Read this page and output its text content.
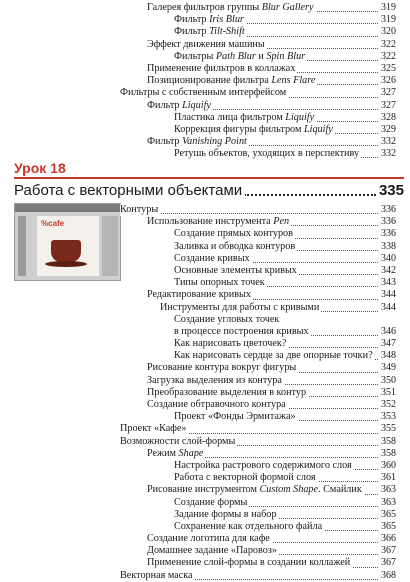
Галерея фильтров группы Blur Gallery	319
Фильтр Iris Blur	319
Фильтр Tilt-Shift	320
Эффект движения машины	322
Фильтры Path Blur и Spin Blur	322
Применение фильтров в коллажах	325
Позиционирование фильтра Lens Flare	326
Фильтры с собственным интерфейсом	327
Фильтр Liquify	327
Пластика лица фильтром Liquify	328
Коррекция фигуры фильтром Liquify	329
Фильтр Vanishing Point	332
Ретушь объектов, уходящих в перспективу 332
Урок 18
Работа с векторными объектами	335
%cafe
Контуры	336
Использование инструмента Pen	336
Создание прямых контуров	336
Заливка и обводка контуров	338
Создание кривых	340
Основные элементы кривых	342
Типы опорных точек	343
Редактирование кривых	344
Инструменты для работы с кривыми	344
Создание угловых точек
в процессе построения кривых	346
Как нарисовать цветочек?	347
Как нарисовать сердце за две опорные точки? 348
Рисование контура вокруг фигуры	349
Загрузка выделения из контура	350
Преобразование выделения в контур	351
Создание обтравочного контура	352
Проект «Фонды Эрмитажа»	353
Проект «Кафе»	355
Возможности слой-формы	358
Режим Shape	358
Настройка растрового содержимого слоя	360
Работа с векторной формой слоя	361
Рисование инструментом Custom Shape. Смайлик 363
Создание формы	363
Задание формы в набор	365
Сохранение как отдельного файла	365
Создание логотипа для кафе	366
Домашнее задание «Паровоз»	367
Применение слой-формы в создании коллажей	367
Векторная маска	368
